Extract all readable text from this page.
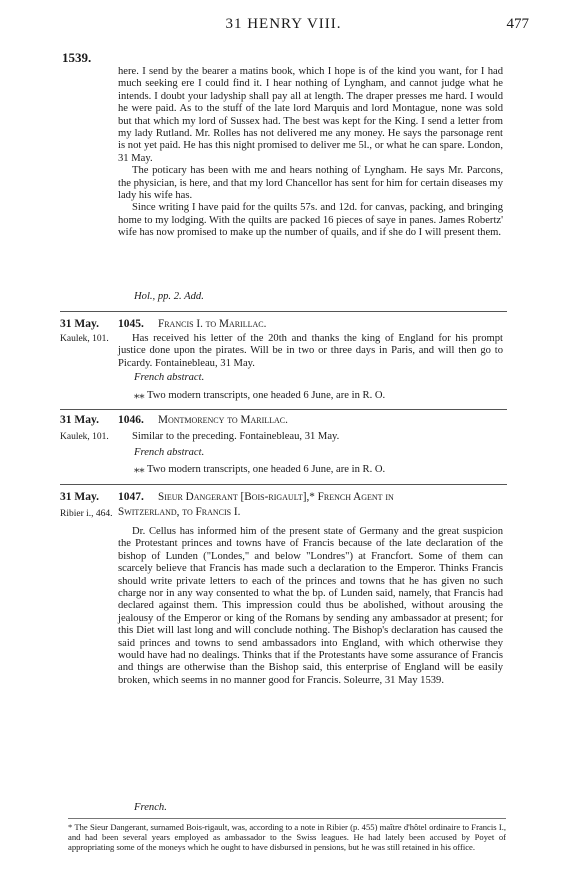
31 HENRY VIII.	477
1539.

here. I send by the bearer a matins book, which I hope is of the kind you want, for I had much seeking ere I could find it. I hear nothing of Lyngham, and cannot judge what he intends. I doubt your ladyship shall pay all at length. The draper presses me hard. I would he were paid. As to the stuff of the late lord Marquis and lord Montague, none was sold but that which my lord of Sussex had. The best was kept for the King. I send a letter from my lady Rutland. Mr. Rolles has not delivered me any money. He says the parsonage rent is not yet paid. He has this night promised to deliver me 5l., or what he can spare. London, 31 May.

The poticary has been with me and hears nothing of Lyngham. He says Mr. Parcons, the physician, is here, and that my lord Chancellor has sent for him for certain diseases my lady his wife has.

Since writing I have paid for the quilts 57s. and 12d. for canvas, packing, and bringing home to my lodging. With the quilts are packed 16 pieces of saye in panes. James Robertz' wife has now promised to make up the number of quails, and if she do I will present them.

Hol., pp. 2. Add.
31 May. 1045. Francis I. to Marillac.
Kaulek, 101.	Has received his letter of the 20th and thanks the king of England for his prompt justice done upon the pirates. Will be in two or three days in Paris, and will then go to Picardy. Fontainebleau, 31 May.

French abstract.
⁎⁎ Two modern transcripts, one headed 6 June, are in R. O.
31 May. 1046. Montmorency to Marillac.
Kaulek, 101.	Similar to the preceding. Fontainebleau, 31 May.

French abstract.
⁎⁎ Two modern transcripts, one headed 6 June, are in R. O.
31 May. 1047. Sieur Dangerant [Bois-rigault],* French Agent in
Ribier i., 464. Switzerland, to Francis I.

Dr. Cellus has informed him of the present state of Germany and the great suspicion the Protestant princes and towns have of Francis because of the late declaration of the bishop of Lunden ("Londes," and below "Londres") at Francfort. Some of them can scarcely believe that Francis has made such a declaration to the Emperor. Thinks Francis should write private letters to each of the princes and towns that he has given no such charge nor in any way consented to what the bp. of Lunden said, namely, that Francis had declared against them. This impression could thus be abolished, without arousing the jealousy of the Emperor or king of the Romans by sending any ambassador at present; for this Diet will last long and will conclude nothing. The Bishop's declaration has caused the said princes and towns to send ambassadors into England, with which otherwise they would have had no dealings. Thinks that if the Protestants have some assurance of Francis and things are otherwise than the Bishop said, this enterprise of England will be easily broken, which seems in no manner good for Francis. Soleurre, 31 May 1539.

French.
* The Sieur Dangerant, surnamed Bois-rigault, was, according to a note in Ribier (p. 455) maître d'hôtel ordinaire to Francis I., and had been several years employed as ambassador to the Swiss leagues. He had lately been accused by Poyet of appropriating some of the moneys which he ought to have disbursed in pensions, but he was still retained in his office.
